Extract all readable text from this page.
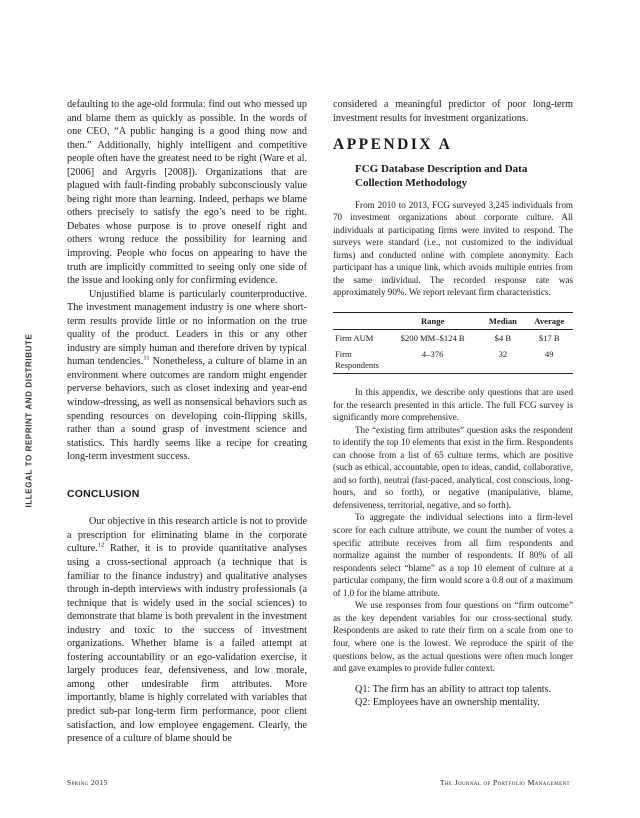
ILLEGAL TO REPRINT AND DISTRIBUTE

defaulting to the age-old formula: find out who messed up and blame them as quickly as possible. In the words of one CEO, “A public hanging is a good thing now and then.” Additionally, highly intelligent and competitive people often have the greatest need to be right (Ware et al. [2006] and Argyris [2008]). Organizations that are plagued with fault-finding probably subconsciously value being right more than learning. Indeed, perhaps we blame others precisely to satisfy the ego’s need to be right. Debates whose purpose is to prove oneself right and others wrong reduce the possibility for learning and improving. People who focus on appearing to have the truth are implicitly committed to seeing only one side of the issue and looking only for confirming evidence.

Unjustified blame is particularly counterproductive. The investment management industry is one where short-term results provide little or no information on the true quality of the product. Leaders in this or any other industry are simply human and therefore driven by typical human tendencies.$^{11}$ Nonetheless, a culture of blame in an environment where outcomes are random might engender perverse behaviors, such as closet indexing and year-end window-dressing, as well as nonsensical behaviors such as spending resources on developing coin-flipping skills, rather than a sound grasp of investment science and statistics. This hardly seems like a recipe for creating long-term investment success.

CONCLUSION

Our objective in this research article is not to provide a prescription for eliminating blame in the corporate culture.$^{12}$ Rather, it is to provide quantitative analyses using a cross-sectional approach (a technique that is familiar to the finance industry) and qualitative analyses through in-depth interviews with industry professionals (a technique that is widely used in the social sciences) to demonstrate that blame is both prevalent in the investment industry and toxic to the success of investment organizations. Whether blame is a failed attempt at fostering accountability or an ego-validation exercise, it largely produces fear, defensiveness, and low morale, among other undesirable firm attributes. More importantly, blame is highly correlated with variables that predict sub-par long-term firm performance, poor client satisfaction, and low employee engagement. Clearly, the presence of a culture of blame should be

considered a meaningful predictor of poor long-term investment results for investment organizations.

APPENDIX A

FCG Database Description and Data Collection Methodology

From 2010 to 2013, FCG surveyed 3,245 individuals from 70 investment organizations about corporate culture. All individuals at participating firms were invited to respond. The surveys were standard (i.e., not customized to the individual firms) and conducted online with complete anonymity. Each participant has a unique link, which avoids multiple entries from the same individual. The recorded response rate was approximately 90%. We report relevant firm characteristics.

	Range	Median	Average
Firm AUM	$200 MM–$124 B	$4 B	$17 B
Firm Respondents	4–376	32	49

In this appendix, we describe only questions that are used for the research presented in this article. The full FCG survey is significantly more comprehensive.

The “existing firm attributes” question asks the respondent to identify the top 10 elements that exist in the firm. Respondents can choose from a list of 65 culture terms, which are positive (such as ethical, accountable, open to ideas, candid, collaborative, and so forth), neutral (fast-paced, analytical, cost conscious, long-hours, and so forth), or negative (manipulative, blame, defensiveness, territorial, negative, and so forth).

To aggregate the individual selections into a firm-level score for each culture attribute, we count the number of votes a specific attribute receives from all firm respondents and normalize against the number of respondents. If 80% of all respondents select “blame” as a top 10 element of culture at a particular company, the firm would score a 0.8 out of a maximum of 1.0 for the blame attribute.

We use responses from four questions on “firm outcome” as the key dependent variables for our cross-sectional study. Respondents are asked to rate their firm on a scale from one to four, where one is the lowest. We reproduce the spirit of the questions below, as the actual questions were often much longer and gave examples to provide fuller context.

Q1: The firm has an ability to attract top talents.

Q2: Employees have an ownership mentality.

Spring 2015	The Journal of Portfolio Management
